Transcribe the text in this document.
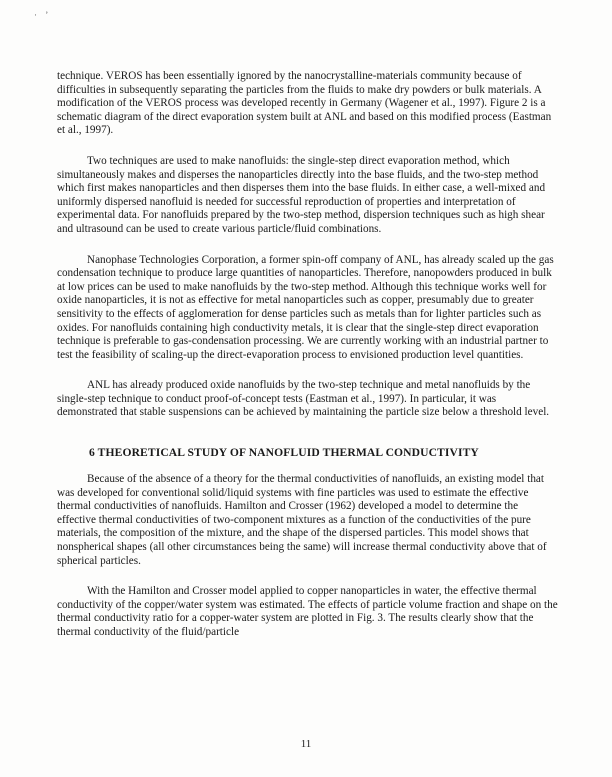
· ʼ

technique. VEROS has been essentially ignored by the nanocrystalline-materials community because of difficulties in subsequently separating the particles from the fluids to make dry powders or bulk materials. A modification of the VEROS process was developed recently in Germany (Wagener et al., 1997). Figure 2 is a schematic diagram of the direct evaporation system built at ANL and based on this modified process (Eastman et al., 1997).

Two techniques are used to make nanofluids: the single-step direct evaporation method, which simultaneously makes and disperses the nanoparticles directly into the base fluids, and the two-step method which first makes nanoparticles and then disperses them into the base fluids. In either case, a well-mixed and uniformly dispersed nanofluid is needed for successful reproduction of properties and interpretation of experimental data. For nanofluids prepared by the two-step method, dispersion techniques such as high shear and ultrasound can be used to create various particle/fluid combinations.

Nanophase Technologies Corporation, a former spin-off company of ANL, has already scaled up the gas condensation technique to produce large quantities of nanoparticles. Therefore, nanopowders produced in bulk at low prices can be used to make nanofluids by the two-step method. Although this technique works well for oxide nanoparticles, it is not as effective for metal nanoparticles such as copper, presumably due to greater sensitivity to the effects of agglomeration for dense particles such as metals than for lighter particles such as oxides. For nanofluids containing high conductivity metals, it is clear that the single-step direct evaporation technique is preferable to gas-condensation processing. We are currently working with an industrial partner to test the feasibility of scaling-up the direct-evaporation process to envisioned production level quantities.

ANL has already produced oxide nanofluids by the two-step technique and metal nanofluids by the single-step technique to conduct proof-of-concept tests (Eastman et al., 1997). In particular, it was demonstrated that stable suspensions can be achieved by maintaining the particle size below a threshold level.

6 THEORETICAL STUDY OF NANOFLUID THERMAL CONDUCTIVITY

Because of the absence of a theory for the thermal conductivities of nanofluids, an existing model that was developed for conventional solid/liquid systems with fine particles was used to estimate the effective thermal conductivities of nanofluids. Hamilton and Crosser (1962) developed a model to determine the effective thermal conductivities of two-component mixtures as a function of the conductivities of the pure materials, the composition of the mixture, and the shape of the dispersed particles. This model shows that nonspherical shapes (all other circumstances being the same) will increase thermal conductivity above that of spherical particles.

With the Hamilton and Crosser model applied to copper nanoparticles in water, the effective thermal conductivity of the copper/water system was estimated. The effects of particle volume fraction and shape on the thermal conductivity ratio for a copper-water system are plotted in Fig. 3. The results clearly show that the thermal conductivity of the fluid/particle

11
